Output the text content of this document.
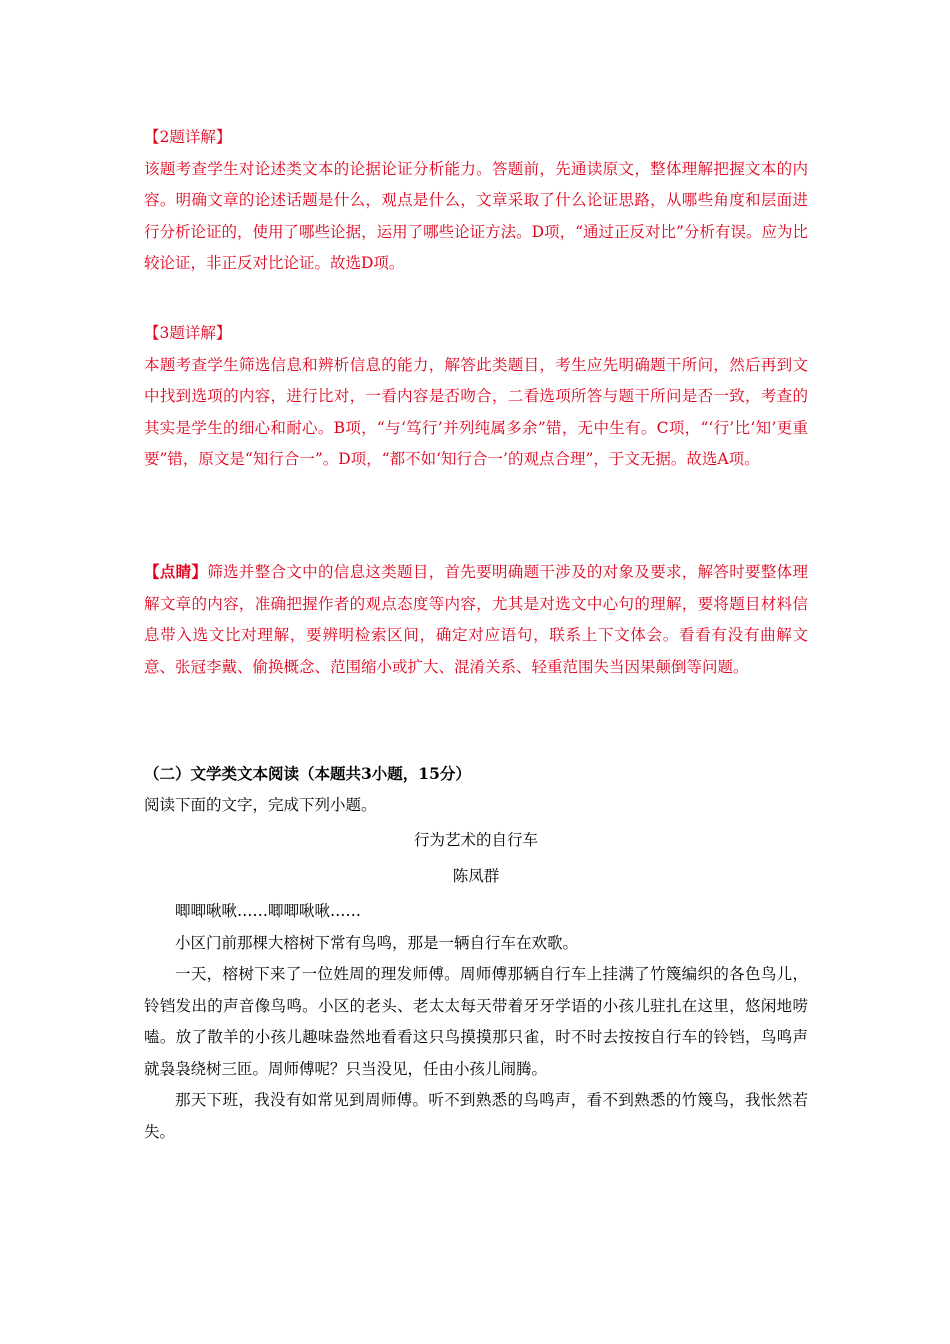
【2题详解】

该题考查学生对论述类文本的论据论证分析能力。答题前，先通读原文，整体理解把握文本的内容。明确文章的论述话题是什么，观点是什么，文章采取了什么论证思路，从哪些角度和层面进行分析论证的，使用了哪些论据，运用了哪些论证方法。D项，“通过正反对比”分析有误。应为比较论证，非正反对比论证。故选D项。

【3题详解】

本题考查学生筛选信息和辨析信息的能力，解答此类题目，考生应先明确题干所问，然后再到文中找到选项的内容，进行比对，一看内容是否吻合，二看选项所答与题干所问是否一致，考查的其实是学生的细心和耐心。B项，“与‘笃行’并列纯属多余”错，无中生有。C项，“‘行’比‘知’更重要”错，原文是“知行合一”。D项，“都不如‘知行合一’的观点合理”，于文无据。故选A项。

【点睛】筛选并整合文中的信息这类题目，首先要明确题干涉及的对象及要求，解答时要整体理解文章的内容，准确把握作者的观点态度等内容，尤其是对选文中心句的理解，要将题目材料信息带入选文比对理解，要辨明检索区间，确定对应语句，联系上下文体会。看看有没有曲解文意、张冠李戴、偷换概念、范围缩小或扩大、混淆关系、轻重范围失当因果颠倒等问题。

（二）文学类文本阅读（本题共3小题，15分）

阅读下面的文字，完成下列小题。

行为艺术的自行车

陈凤群

唧唧啾啾……唧唧啾啾……

小区门前那棵大榕树下常有鸟鸣，那是一辆自行车在欢歌。

一天，榕树下来了一位姓周的理发师傅。周师傅那辆自行车上挂满了竹篾编织的各色鸟儿，铃铛发出的声音像鸟鸣。小区的老头、老太太每天带着牙牙学语的小孩儿驻扎在这里，悠闲地唠嗑。放了散羊的小孩儿趣味盎然地看看这只鸟摸摸那只雀，时不时去按按自行车的铃铛，鸟鸣声就袅袅绕树三匝。周师傅呢？只当没见，任由小孩儿闹腾。

那天下班，我没有如常见到周师傅。听不到熟悉的鸟鸣声，看不到熟悉的竹篾鸟，我怅然若失。
